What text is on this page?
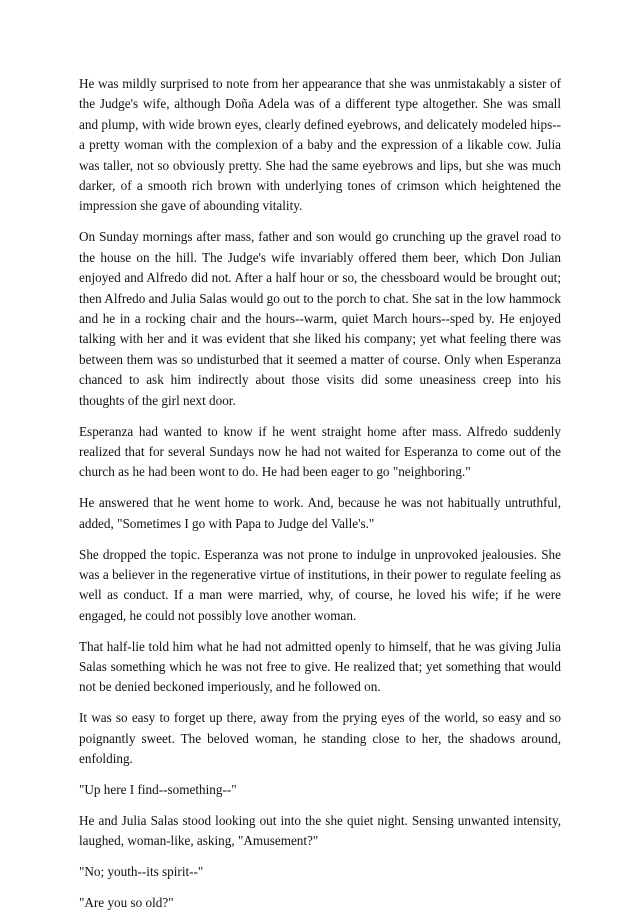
He was mildly surprised to note from her appearance that she was unmistakably a sister of the Judge's wife, although Doña Adela was of a different type altogether. She was small and plump, with wide brown eyes, clearly defined eyebrows, and delicately modeled hips--a pretty woman with the complexion of a baby and the expression of a likable cow. Julia was taller, not so obviously pretty. She had the same eyebrows and lips, but she was much darker, of a smooth rich brown with underlying tones of crimson which heightened the impression she gave of abounding vitality.

On Sunday mornings after mass, father and son would go crunching up the gravel road to the house on the hill. The Judge's wife invariably offered them beer, which Don Julian enjoyed and Alfredo did not. After a half hour or so, the chessboard would be brought out; then Alfredo and Julia Salas would go out to the porch to chat. She sat in the low hammock and he in a rocking chair and the hours--warm, quiet March hours--sped by. He enjoyed talking with her and it was evident that she liked his company; yet what feeling there was between them was so undisturbed that it seemed a matter of course. Only when Esperanza chanced to ask him indirectly about those visits did some uneasiness creep into his thoughts of the girl next door.

Esperanza had wanted to know if he went straight home after mass. Alfredo suddenly realized that for several Sundays now he had not waited for Esperanza to come out of the church as he had been wont to do. He had been eager to go "neighboring."

He answered that he went home to work. And, because he was not habitually untruthful, added, "Sometimes I go with Papa to Judge del Valle's."

She dropped the topic. Esperanza was not prone to indulge in unprovoked jealousies. She was a believer in the regenerative virtue of institutions, in their power to regulate feeling as well as conduct. If a man were married, why, of course, he loved his wife; if he were engaged, he could not possibly love another woman.

That half-lie told him what he had not admitted openly to himself, that he was giving Julia Salas something which he was not free to give. He realized that; yet something that would not be denied beckoned imperiously, and he followed on.

It was so easy to forget up there, away from the prying eyes of the world, so easy and so poignantly sweet. The beloved woman, he standing close to her, the shadows around, enfolding.

"Up here I find--something--"

He and Julia Salas stood looking out into the she quiet night. Sensing unwanted intensity, laughed, woman-like, asking, "Amusement?"

"No; youth--its spirit--"

"Are you so old?"
